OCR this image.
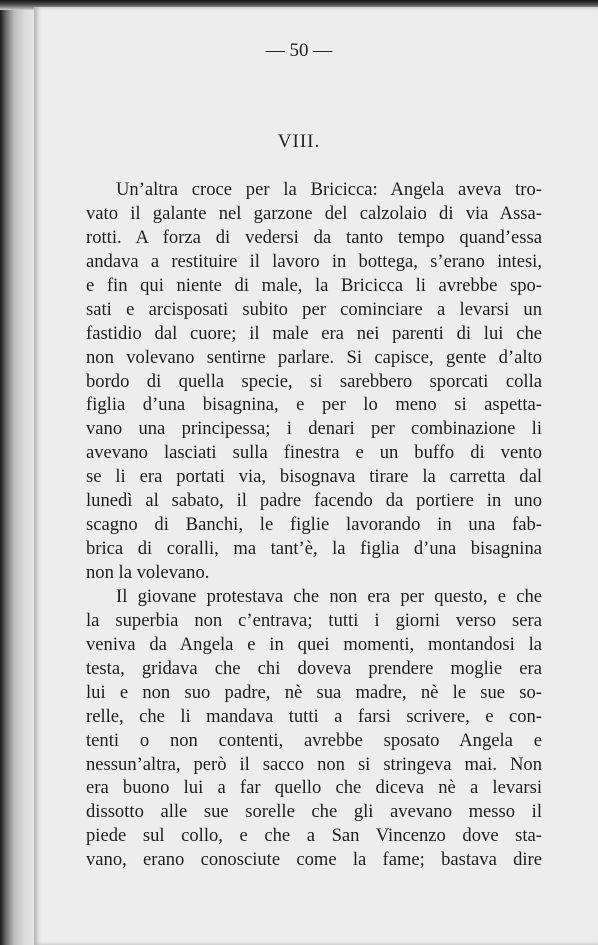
— 50 —
VIII.
Un’altra croce per la Bricicca: Angela aveva tro-
vato il galante nel garzone del calzolaio di via Assa-
rotti. A forza di vedersi da tanto tempo quand’essa
andava a restituire il lavoro in bottega, s’erano intesi,
e fin qui niente di male, la Bricicca li avrebbe spo-
sati e arcisposati subito per cominciare a levarsi un
fastidio dal cuore; il male era nei parenti di lui che
non volevano sentirne parlare. Si capisce, gente d’alto
bordo di quella specie, si sarebbero sporcati colla
figlia d’una bisagnina, e per lo meno si aspetta-
vano una principessa; i denari per combinazione li
avevano lasciati sulla finestra e un buffo di vento
se li era portati via, bisognava tirare la carretta dal
lunedì al sabato, il padre facendo da portiere in uno
scagno di Banchi, le figlie lavorando in una fab-
brica di coralli, ma tant’è, la figlia d’una bisagnina
non la volevano.
Il giovane protestava che non era per questo, e che
la superbia non c’entrava; tutti i giorni verso sera
veniva da Angela e in quei momenti, montandosi la
testa, gridava che chi doveva prendere moglie era
lui e non suo padre, nè sua madre, nè le sue so-
relle, che li mandava tutti a farsi scrivere, e con-
tenti o non contenti, avrebbe sposato Angela e
nessun’altra, però il sacco non si stringeva mai. Non
era buono lui a far quello che diceva nè a levarsi
dissotto alle sue sorelle che gli avevano messo il
piede sul collo, e che a San Vincenzo dove sta-
vano, erano conosciute come la fame; bastava dire
